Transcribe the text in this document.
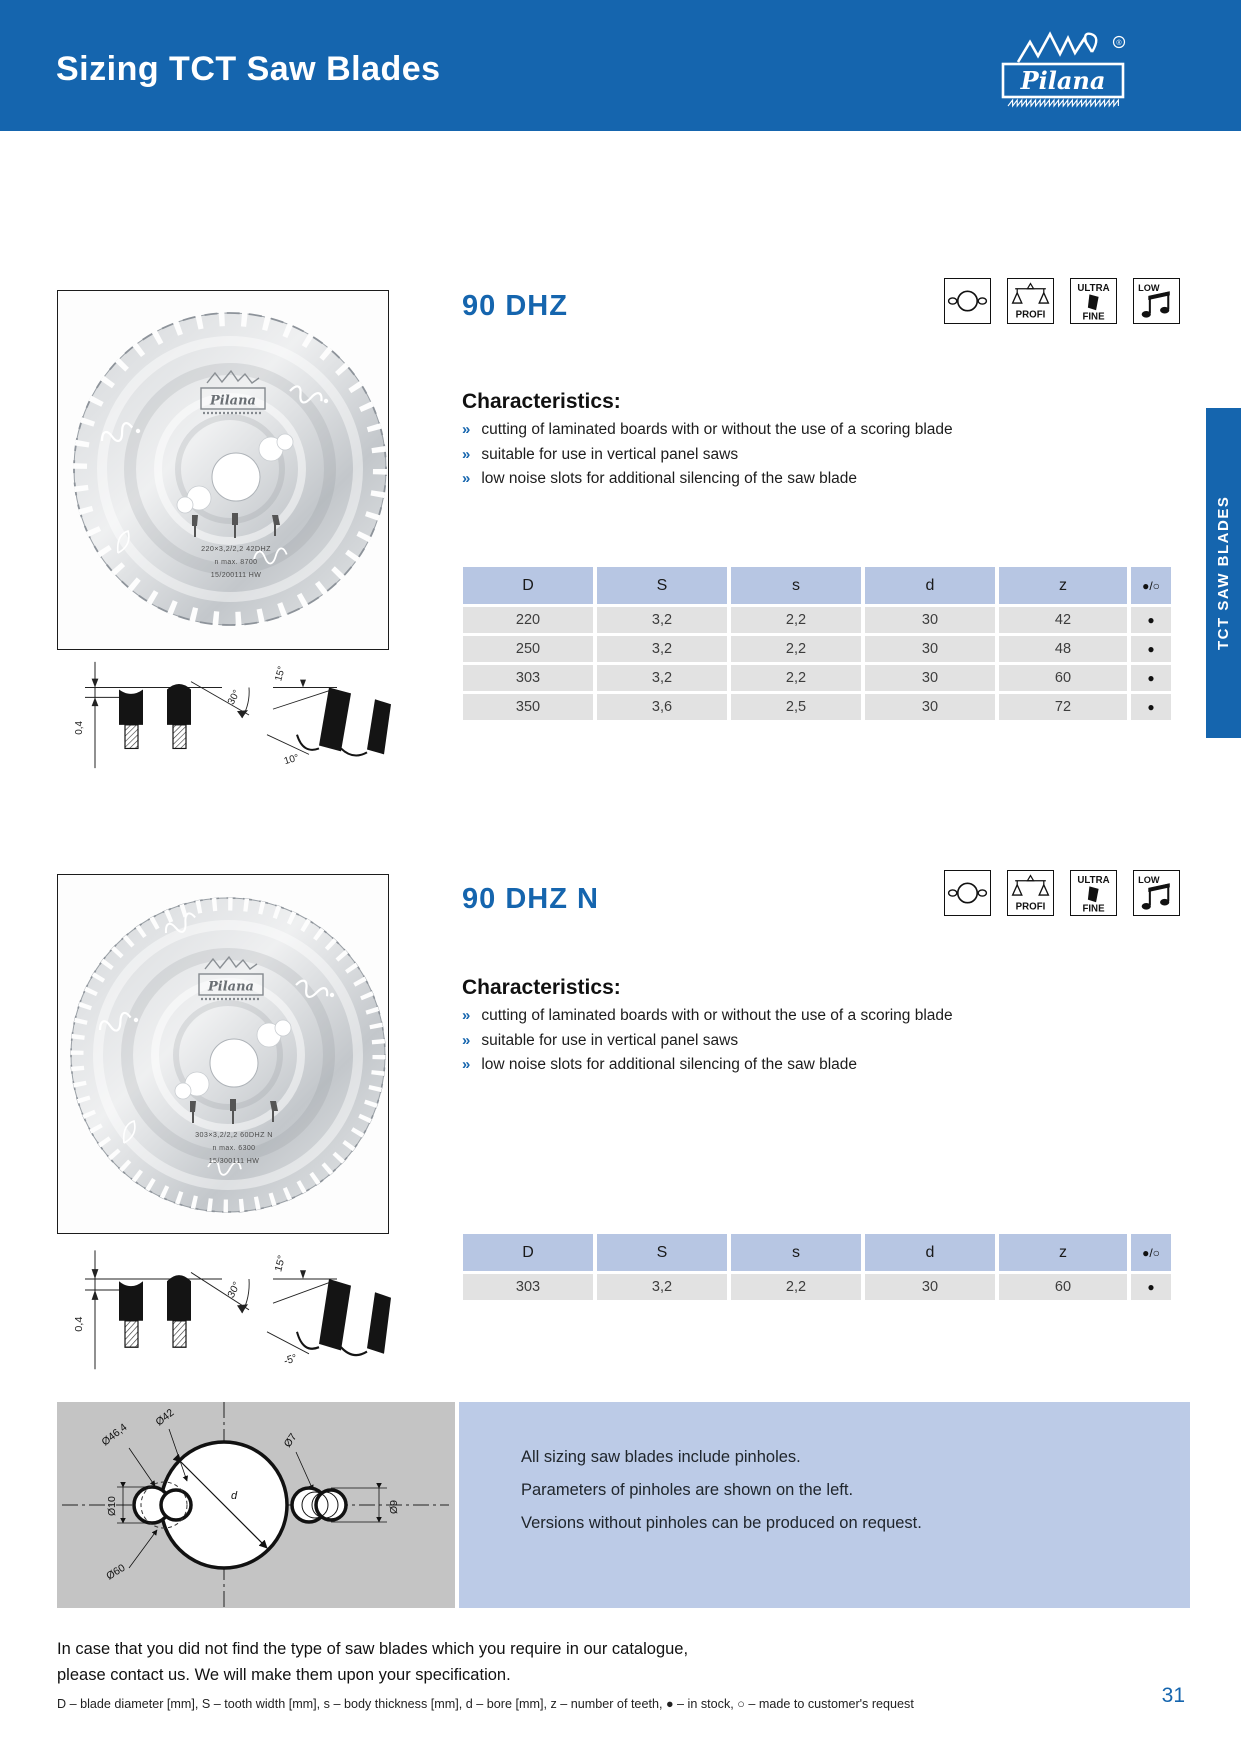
Sizing TCT Saw Blades
®
Pilana
TCT SAW BLADES
Pilana
220×3,2/2,2 42DHZ
n max. 8700
15/200111 HW
90 DHZ	PROFI
ULTRA
FINE
LOW
Characteristics:
» cutting of laminated boards with or without the use of a scoring blade
» suitable for use in vertical panel saws
» low noise slots for additional silencing of the saw blade
D	S	s	d	z	●/○
220	3,2	2,2	30	42	●
250	3,2	2,2	30	48	●
303	3,2	2,2	30	60	●
350	3,6	2,5	30	72	●
0,4
30°
10°
15°
Pilana
303×3,2/2,2 60DHZ N
n max. 6300
15/300111 HW
90 DHZ N	PROFI
ULTRA
FINE
LOW
Characteristics:
» cutting of laminated boards with or without the use of a scoring blade
» suitable for use in vertical panel saws
» low noise slots for additional silencing of the saw blade
D	S	s	d	z	●/○
303	3,2	2,2	30	60	●
0,4
30°
-5°
15°
d
Ø10
Ø46,4
Ø42
Ø60
Ø7
Ø9

All sizing saw blades include pinholes.

Parameters of pinholes are shown on the left.

Versions without pinholes can be produced on request.

In case that you did not find the type of saw blades which you require in our catalogue,
please contact us. We will make them upon your specification.
D – blade diameter [mm], S – tooth width [mm], s – body thickness [mm], d – bore [mm], z – number of teeth, ● – in stock, ○ – made to customer's request	31
